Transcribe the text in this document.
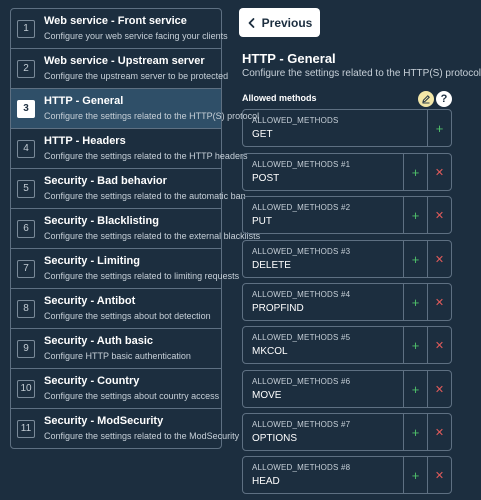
1
Web service - Front service
Configure your web service facing your clients
2
Web service - Upstream server
Configure the upstream server to be protected
3
HTTP - General
Configure the settings related to the HTTP(S) protocol
4
HTTP - Headers
Configure the settings related to the HTTP headers
5
Security - Bad behavior
Configure the settings related to the automatic ban
6
Security - Blacklisting
Configure the settings related to the external blacklists
7
Security - Limiting
Configure the settings related to limiting requests
8
Security - Antibot
Configure the settings about bot detection
9
Security - Auth basic
Configure HTTP basic authentication
10
Security - Country
Configure the settings about country access
11
Security - ModSecurity
Configure the settings related to the ModSecurity
Previous
HTTP - General
Configure the settings related to the HTTP(S) protocol
Allowed methods	?
ALLOWED_METHODS
GET	+
ALLOWED_METHODS #1
POST	+ ✕
ALLOWED_METHODS #2
PUT	+ ✕
ALLOWED_METHODS #3
DELETE	+ ✕
ALLOWED_METHODS #4
PROPFIND	+ ✕
ALLOWED_METHODS #5
MKCOL	+ ✕
ALLOWED_METHODS #6
MOVE	+ ✕
ALLOWED_METHODS #7
OPTIONS	+ ✕
ALLOWED_METHODS #8
HEAD	+ ✕
